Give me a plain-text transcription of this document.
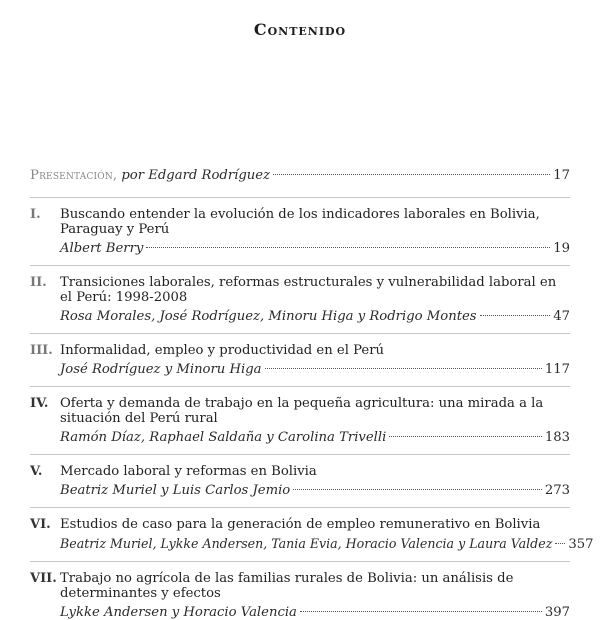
Contenido
Presentación, por Edgard Rodríguez	17
I.	Buscando entender la evolución de los indicadores laborales en Bolivia, Paraguay y Perú
Albert Berry	19
II.	Transiciones laborales, reformas estructurales y vulnerabilidad laboral en el Perú: 1998-2008
Rosa Morales, José Rodríguez, Minoru Higa y Rodrigo Montes	47
III. Informalidad, empleo y productividad en el Perú
José Rodríguez y Minoru Higa	117
IV. Oferta y demanda de trabajo en la pequeña agricultura: una mirada a la situación del Perú rural
Ramón Díaz, Raphael Saldaña y Carolina Trivelli	183
V.	Mercado laboral y reformas en Bolivia
Beatriz Muriel y Luis Carlos Jemio	273
VI. Estudios de caso para la generación de empleo remunerativo en Bolivia
Beatriz Muriel, Lykke Andersen, Tania Evia, Horacio Valencia y Laura Valdez 357
VII. Trabajo no agrícola de las familias rurales de Bolivia: un análisis de determinantes y efectos
Lykke Andersen y Horacio Valencia	397
